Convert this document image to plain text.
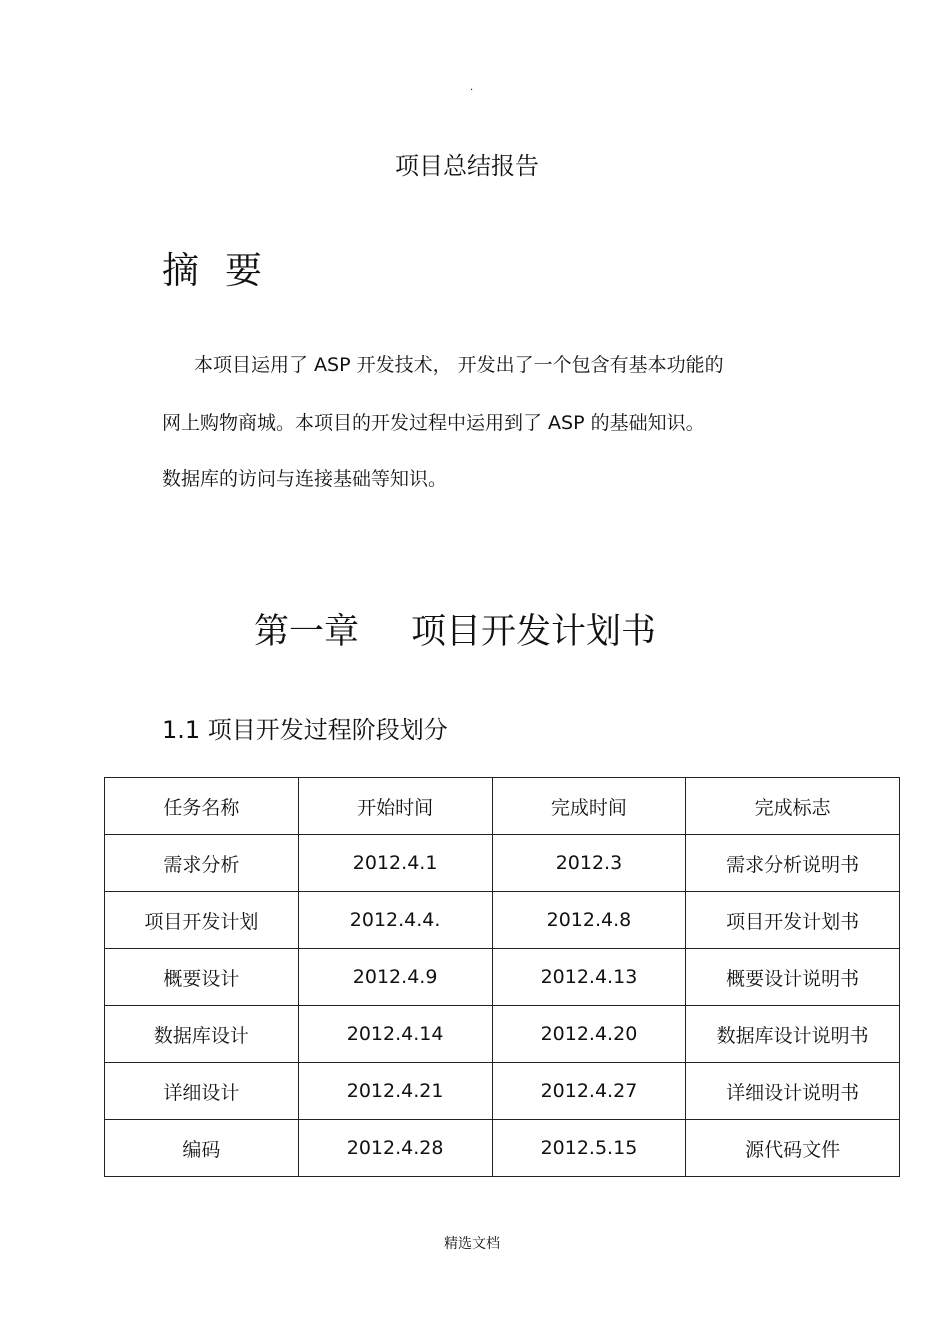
.
项目总结报告
摘要
本项目运用了 ASP 开发技术， 开发出了一个包含有基本功能的
网上购物商城。本项目的开发过程中运用到了 ASP 的基础知识。
数据库的访问与连接基础等知识。
第一章 项目开发计划书
1.1 项目开发过程阶段划分
任务名称	开始时间	完成时间	完成标志
需求分析	2012.4.1	2012.3	需求分析说明书
项目开发计划	2012.4.4.	2012.4.8	项目开发计划书
概要设计	2012.4.9	2012.4.13	概要设计说明书
数据库设计	2012.4.14	2012.4.20	数据库设计说明书
详细设计	2012.4.21	2012.4.27	详细设计说明书
编码	2012.4.28	2012.5.15	源代码文件
精选文档
